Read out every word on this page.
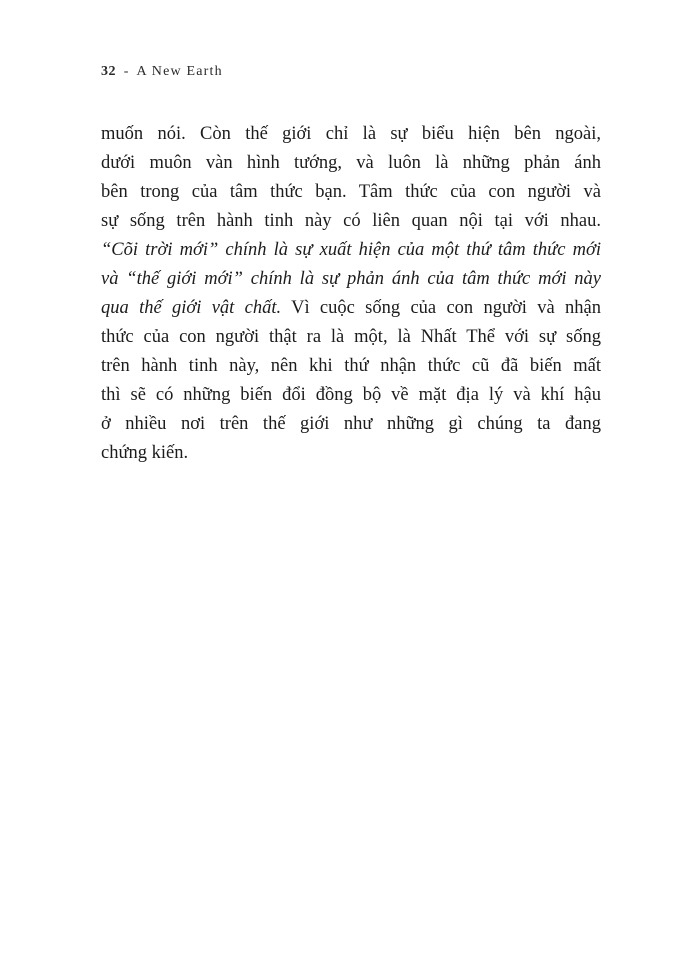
32 - A New Earth
muốn nói. Còn thế giới chỉ là sự biểu hiện bên ngoài,
dưới muôn vàn hình tướng, và luôn là những phản ánh
bên trong của tâm thức bạn. Tâm thức của con người và
sự sống trên hành tinh này có liên quan nội tại với nhau.
“Cõi trời mới” chính là sự xuất hiện của một thứ tâm thức mới
và “thế giới mới” chính là sự phản ánh của tâm thức mới này
qua thế giới vật chất. Vì cuộc sống của con người và nhận
thức của con người thật ra là một, là Nhất Thể với sự sống
trên hành tinh này, nên khi thứ nhận thức cũ đã biến mất
thì sẽ có những biến đổi đồng bộ về mặt địa lý và khí hậu
ở nhiều nơi trên thế giới như những gì chúng ta đang
chứng kiến.
